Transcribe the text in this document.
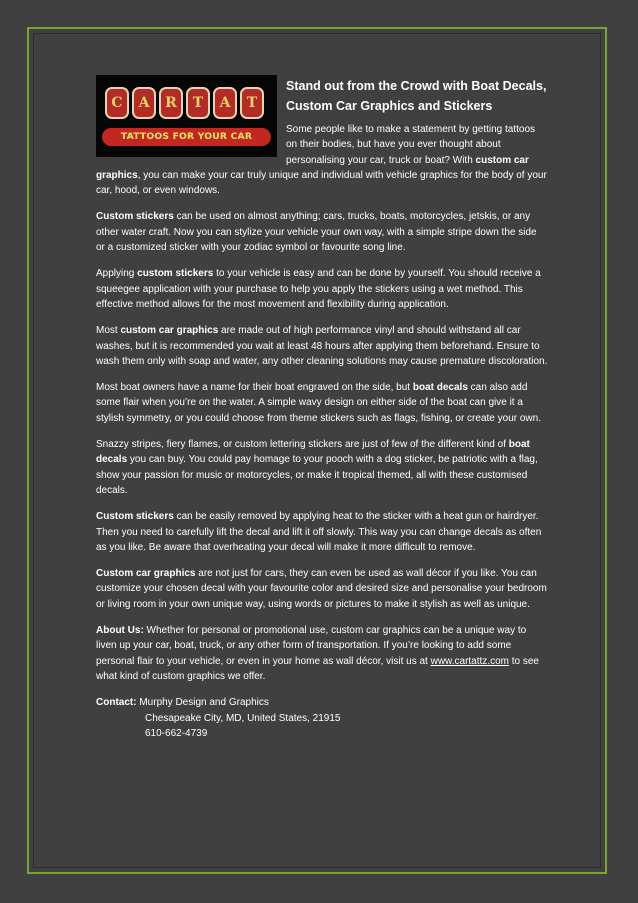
C	A	R	T	A	T
TATTOOS FOR YOUR CAR
Stand out from the Crowd with Boat Decals, Custom Car Graphics and Stickers

Some people like to make a statement by getting tattoos on their bodies, but have you ever thought about personalising your car, truck or boat? With custom car graphics, you can make your car truly unique and individual with vehicle graphics for the body of your car, hood, or even windows.

Custom stickers can be used on almost anything; cars, trucks, boats, motorcycles, jetskis, or any other water craft. Now you can stylize your vehicle your own way, with a simple stripe down the side or a customized sticker with your zodiac symbol or favourite song line.

Applying custom stickers to your vehicle is easy and can be done by yourself. You should receive a squeegee application with your purchase to help you apply the stickers using a wet method. This effective method allows for the most movement and flexibility during application.

Most custom car graphics are made out of high performance vinyl and should withstand all car washes, but it is recommended you wait at least 48 hours after applying them beforehand. Ensure to wash them only with soap and water, any other cleaning solutions may cause premature discoloration.

Most boat owners have a name for their boat engraved on the side, but boat decals can also add some flair when you’re on the water. A simple wavy design on either side of the boat can give it a stylish symmetry, or you could choose from theme stickers such as flags, fishing, or create your own.

Snazzy stripes, fiery flames, or custom lettering stickers are just of few of the different kind of boat decals you can buy. You could pay homage to your pooch with a dog sticker, be patriotic with a flag, show your passion for music or motorcycles, or make it tropical themed, all with these customised decals.

Custom stickers can be easily removed by applying heat to the sticker with a heat gun or hairdryer. Then you need to carefully lift the decal and lift it off slowly. This way you can change decals as often as you like. Be aware that overheating your decal will make it more difficult to remove.

Custom car graphics are not just for cars, they can even be used as wall décor if you like. You can customize your chosen decal with your favourite color and desired size and personalise your bedroom or living room in your own unique way, using words or pictures to make it stylish as well as unique.

About Us: Whether for personal or promotional use, custom car graphics can be a unique way to liven up your car, boat, truck, or any other form of transportation. If you’re looking to add some personal flair to your vehicle, or even in your home as wall décor, visit us at www.cartattz.com to see what kind of custom graphics we offer.

Contact: Murphy Design and Graphics

Chesapeake City, MD, United States, 21915

610-662-4739
